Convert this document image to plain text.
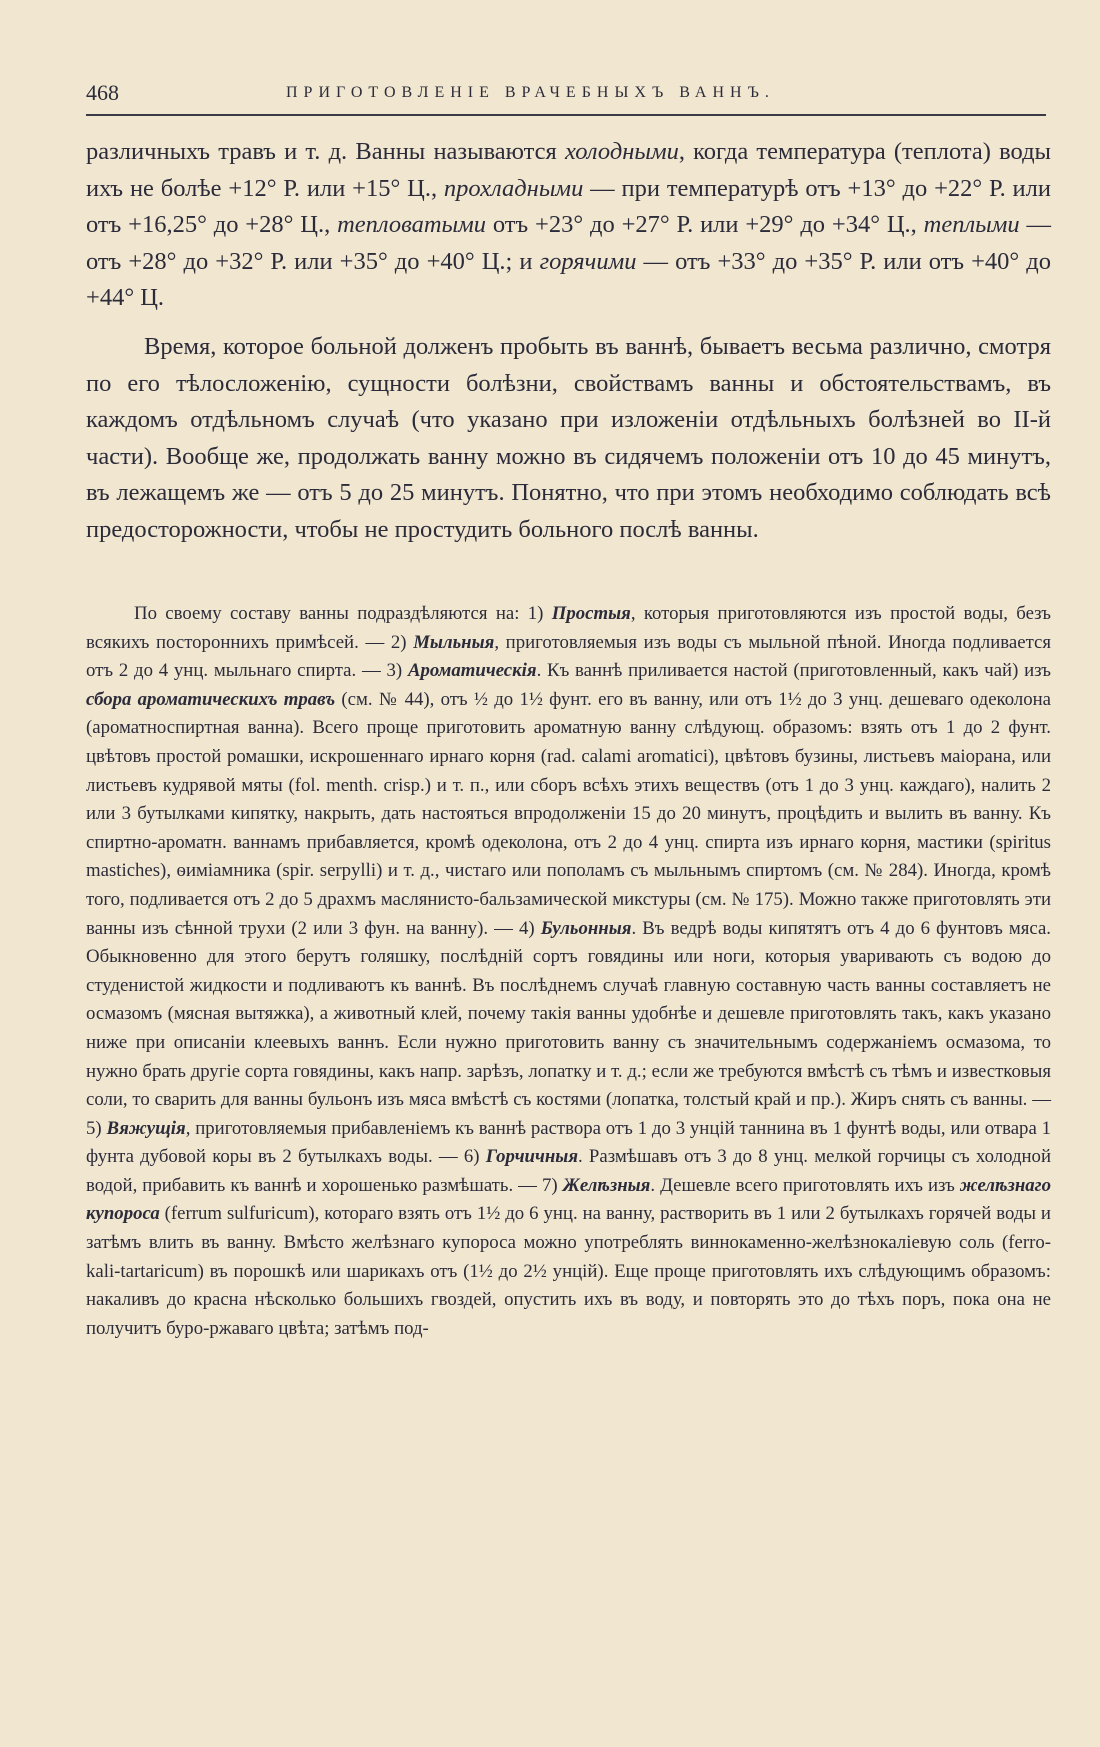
468	ПРИГОТОВЛЕНІЕ ВРАЧЕБНЫХЪ ВАННЪ.

различныхъ травъ и т. д. Ванны называются холодными, когда температура (теплота) воды ихъ не болѣе +12° Р. или +15° Ц., прохладными — при температурѣ отъ +13° до +22° Р. или отъ +16,25° до +28° Ц., тепловатыми отъ +23° до +27° Р. или +29° до +34° Ц., теплыми — отъ +28° до +32° Р. или +35° до +40° Ц.; и горячими — отъ +33° до +35° Р. или отъ +40° до +44° Ц.

Время, которое больной долженъ пробыть въ ваннѣ, бываетъ весьма различно, смотря по его тѣлосложенію, сущности болѣзни, свойствамъ ванны и обстоятельствамъ, въ каждомъ отдѣльномъ случаѣ (что указано при изложеніи отдѣльныхъ болѣзней во II-й части). Вообще же, продолжать ванну можно въ сидячемъ положеніи отъ 10 до 45 минутъ, въ лежащемъ же — отъ 5 до 25 минутъ. Понятно, что при этомъ необходимо соблюдать всѣ предосторожности, чтобы не простудить больного послѣ ванны.

По своему составу ванны подраздѣляются на: 1) Простыя, которыя приготовляются изъ простой воды, безъ всякихъ постороннихъ примѣсей. — 2) Мыльныя, приготовляемыя изъ воды съ мыльной пѣной. Иногда подливается отъ 2 до 4 унц. мыльнаго спирта. — 3) Ароматическія. Къ ваннѣ приливается настой (приготовленный, какъ чай) изъ сбора ароматическихъ травъ (см. № 44), отъ ½ до 1½ фунт. его въ ванну, или отъ 1½ до 3 унц. дешеваго одеколона (ароматноспиртная ванна). Всего проще приготовить ароматную ванну слѣдующ. образомъ: взять отъ 1 до 2 фунт. цвѣтовъ простой ромашки, искрошеннаго ирнаго корня (rad. calami aromatici), цвѣтовъ бузины, листьевъ маіорана, или листьевъ кудрявой мяты (fol. menth. crisp.) и т. п., или сборъ всѣхъ этихъ веществъ (отъ 1 до 3 унц. каждаго), налить 2 или 3 бутылками кипятку, накрыть, дать настояться впродолженіи 15 до 20 минутъ, процѣдить и вылить въ ванну. Къ спиртно-ароматн. ваннамъ прибавляется, кромѣ одеколона, отъ 2 до 4 унц. спирта изъ ирнаго корня, мастики (spiritus mastiches), ѳиміамника (spir. serpylli) и т. д., чистаго или пополамъ съ мыльнымъ спиртомъ (см. № 284). Иногда, кромѣ того, подливается отъ 2 до 5 драхмъ маслянисто-бальзамической микстуры (см. № 175). Можно также приготовлять эти ванны изъ сѣнной трухи (2 или 3 фун. на ванну). — 4) Бульонныя. Въ ведрѣ воды кипятятъ отъ 4 до 6 фунтовъ мяса. Обыкновенно для этого берутъ голяшку, послѣдній сортъ говядины или ноги, которыя уваривають съ водою до студенистой жидкости и подливаютъ къ ваннѣ. Въ послѣднемъ случаѣ главную составную часть ванны составляетъ не осмазомъ (мясная вытяжка), а животный клей, почему такія ванны удобнѣе и дешевле приготовлять такъ, какъ указано ниже при описаніи клеевыхъ ваннъ. Если нужно приготовить ванну съ значительнымъ содержаніемъ осмазома, то нужно брать другіе сорта говядины, какъ напр. зарѣзъ, лопатку и т. д.; если же требуются вмѣстѣ съ тѣмъ и известковыя соли, то сварить для ванны бульонъ изъ мяса вмѣстѣ съ костями (лопатка, толстый край и пр.). Жиръ снять съ ванны. — 5) Вяжущія, приготовляемыя прибавленіемъ къ ваннѣ раствора отъ 1 до 3 унцій таннина въ 1 фунтѣ воды, или отвара 1 фунта дубовой коры въ 2 бутылкахъ воды. — 6) Горчичныя. Размѣшавъ отъ 3 до 8 унц. мелкой горчицы съ холодной водой, прибавить къ ваннѣ и хорошенько размѣшать. — 7) Желѣзныя. Дешевле всего приготовлять ихъ изъ желѣзнаго купороса (ferrum sulfuricum), котораго взять отъ 1½ до 6 унц. на ванну, растворить въ 1 или 2 бутылкахъ горячей воды и затѣмъ влить въ ванну. Вмѣсто желѣзнаго купороса можно употреблять виннокаменно-желѣзнокаліевую соль (ferro-kali-tartaricum) въ порошкѣ или шарикахъ отъ (1½ до 2½ унцій). Еще проще приготовлять ихъ слѣдующимъ образомъ: накаливъ до красна нѣсколько большихъ гвоздей, опустить ихъ въ воду, и повторять это до тѣхъ поръ, пока она не получитъ буро-ржаваго цвѣта; затѣмъ под-
